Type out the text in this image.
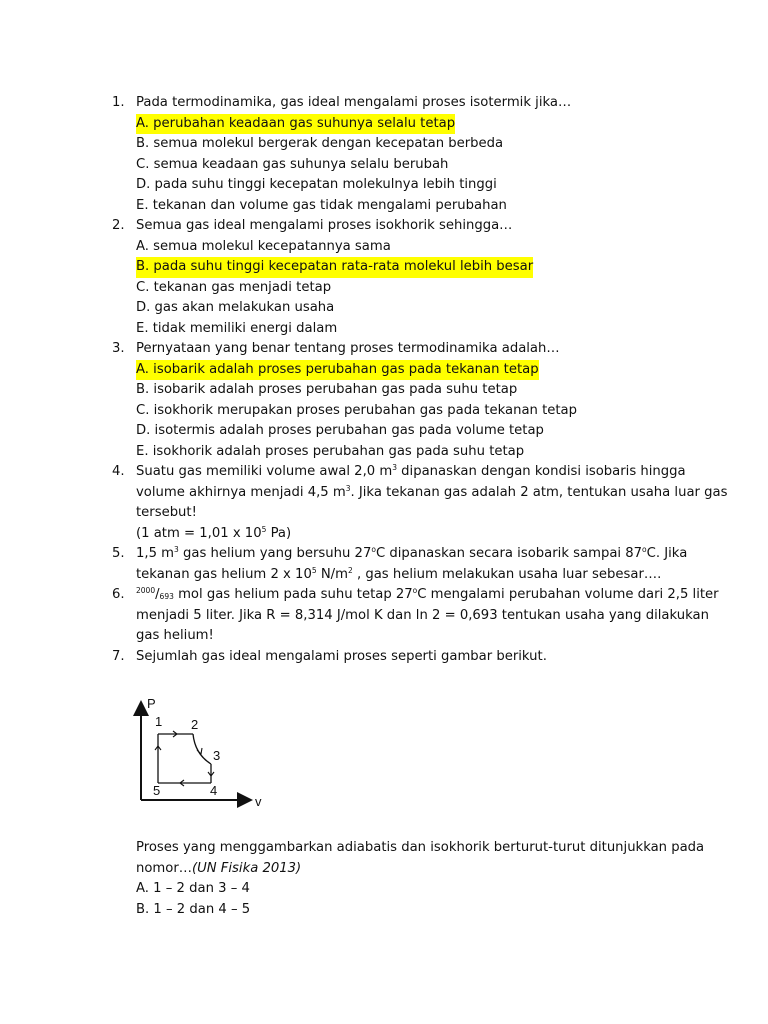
1. Pada termodinamika, gas ideal mengalami proses isotermik jika…
A. perubahan keadaan gas suhunya selalu tetap
B. semua molekul bergerak dengan kecepatan berbeda
C. semua keadaan gas suhunya selalu berubah
D. pada suhu tinggi kecepatan molekulnya lebih tinggi
E. tekanan dan volume gas tidak mengalami perubahan
2. Semua gas ideal mengalami proses isokhorik sehingga…
A. semua molekul kecepatannya sama
B. pada suhu tinggi kecepatan rata-rata molekul lebih besar
C. tekanan gas menjadi tetap
D. gas akan melakukan usaha
E. tidak memiliki energi dalam
3. Pernyataan yang benar tentang proses termodinamika adalah…
A. isobarik adalah proses perubahan gas pada tekanan tetap
B. isobarik adalah proses perubahan gas pada suhu tetap
C. isokhorik merupakan proses perubahan gas pada tekanan tetap
D. isotermis adalah proses perubahan gas pada volume tetap
E. isokhorik adalah proses perubahan gas pada suhu tetap
4. Suatu gas memiliki volume awal 2,0 $m^3$ dipanaskan dengan kondisi isobaris hingga
volume akhirnya menjadi 4,5 $m^3$. Jika tekanan gas adalah 2 atm, tentukan usaha luar gas
tersebut!
(1 atm = 1,01 x $10^5$ Pa)
5. 1,5 $m^3$ gas helium yang bersuhu 27$^o$C dipanaskan secara isobarik sampai 87$^o$C. Jika
tekanan gas helium 2 x $10^5$ $N/m^2$ , gas helium melakukan usaha luar sebesar….
6.	$^{2000}/_{693}$ mol gas helium pada suhu tetap 27$^o$C mengalami perubahan volume dari 2,5 liter
menjadi 5 liter. Jika R = 8,314 J/mol K dan ln 2 = 0,693 tentukan usaha yang dilakukan
gas helium!
7. Sejumlah gas ideal mengalami proses seperti gambar berikut.
P
v
1 2
3
4
5
Proses yang menggambarkan adiabatis dan isokhorik berturut-turut ditunjukkan pada
nomor…(UN Fisika 2013)
A. 1 – 2 dan 3 – 4
B. 1 – 2 dan 4 – 5
